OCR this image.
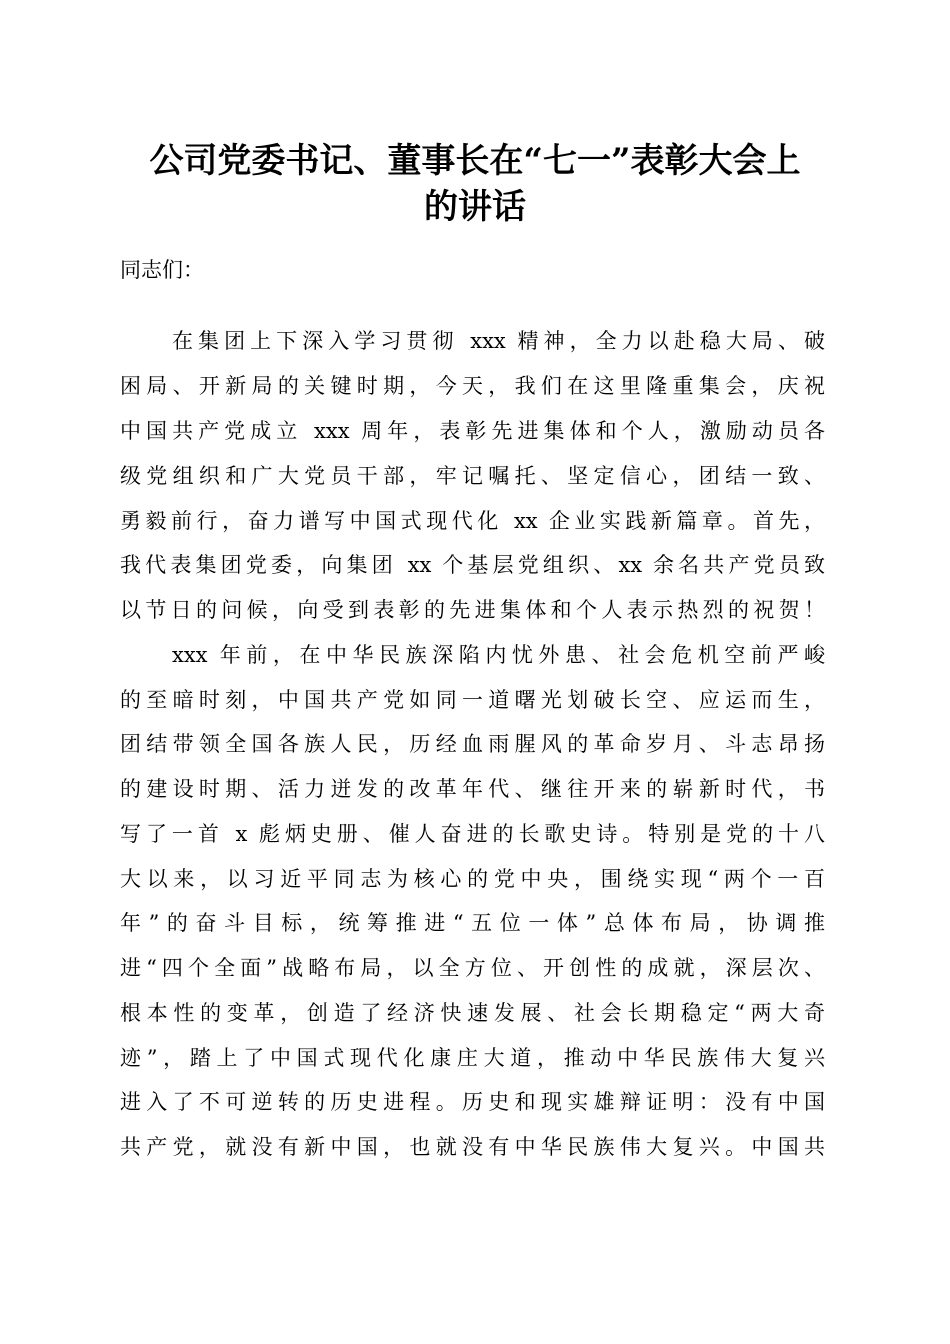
公司党委书记、董事长在“七一”表彰大会上
的讲话

同志们：

在集团上下深入学习贯彻 xxx 精神，全力以赴稳大局、破

困局、开新局的关键时期，今天，我们在这里隆重集会，庆祝

中国共产党成立 xxx 周年，表彰先进集体和个人，激励动员各

级党组织和广大党员干部，牢记嘱托、坚定信心，团结一致、

勇毅前行，奋力谱写中国式现代化 xx 企业实践新篇章。首先，

我代表集团党委，向集团 xx 个基层党组织、xx 余名共产党员致

以节日的问候，向受到表彰的先进集体和个人表示热烈的祝贺！

xxx 年前，在中华民族深陷内忧外患、社会危机空前严峻

的至暗时刻，中国共产党如同一道曙光划破长空、应运而生，

团结带领全国各族人民，历经血雨腥风的革命岁月、斗志昂扬

的建设时期、活力迸发的改革年代、继往开来的崭新时代，书

写了一首 x 彪炳史册、催人奋进的长歌史诗。特别是党的十八

大以来，以习近平同志为核心的党中央，围绕实现“两个一百

年”的奋斗目标，统筹推进“五位一体”总体布局，协调推

进“四个全面”战略布局，以全方位、开创性的成就，深层次、

根本性的变革，创造了经济快速发展、社会长期稳定“两大奇

迹”，踏上了中国式现代化康庄大道，推动中华民族伟大复兴

进入了不可逆转的历史进程。历史和现实雄辩证明：没有中国

共产党，就没有新中国，也就没有中华民族伟大复兴。中国共
